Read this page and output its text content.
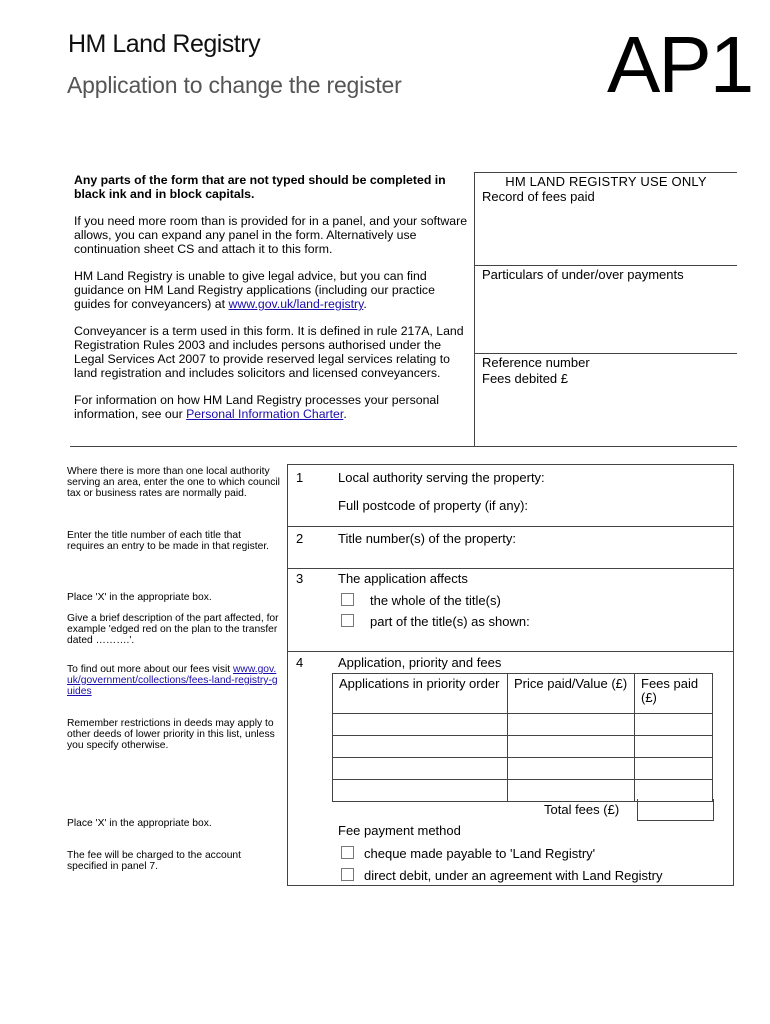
HM Land Registry
Application to change the register	AP1

Any parts of the form that are not typed should be completed in black ink and in block capitals.

If you need more room than is provided for in a panel, and your software allows, you can expand any panel in the form. Alternatively use continuation sheet CS and attach it to this form.

HM Land Registry is unable to give legal advice, but you can find guidance on HM Land Registry applications (including our practice guides for conveyancers) at www.gov.uk/land-registry.

Conveyancer is a term used in this form. It is defined in rule 217A, Land Registration Rules 2003 and includes persons authorised under the Legal Services Act 2007 to provide reserved legal services relating to land registration and includes solicitors and licensed conveyancers.

For information on how HM Land Registry processes your personal information, see our Personal Information Charter.

HM LAND REGISTRY USE ONLY
Record of fees paid
Particulars of under/over payments
Reference number
Fees debited £
Where there is more than one local authority serving an area, enter the one to which council tax or business rates are normally paid.
Enter the title number of each title that requires an entry to be made in that register.
Place 'X' in the appropriate box.
Give a brief description of the part affected, for example 'edged red on the plan to the transfer dated ……….'.
To find out more about our fees visit www.gov.uk/government/collections/fees-land-registry-guides
Remember restrictions in deeds may apply to other deeds of lower priority in this list, unless you specify otherwise.
Place 'X' in the appropriate box.
The fee will be charged to the account specified in panel 7.
1	Local authority serving the property:
Full postcode of property (if any):
2	Title number(s) of the property:
3	The application affects
the whole of the title(s)
part of the title(s) as shown:
4	Application, priority and fees
Applications in priority order	Price paid/Value (£)	Fees paid (£)

Total fees (£)
Fee payment method
cheque made payable to 'Land Registry'
direct debit, under an agreement with Land Registry
